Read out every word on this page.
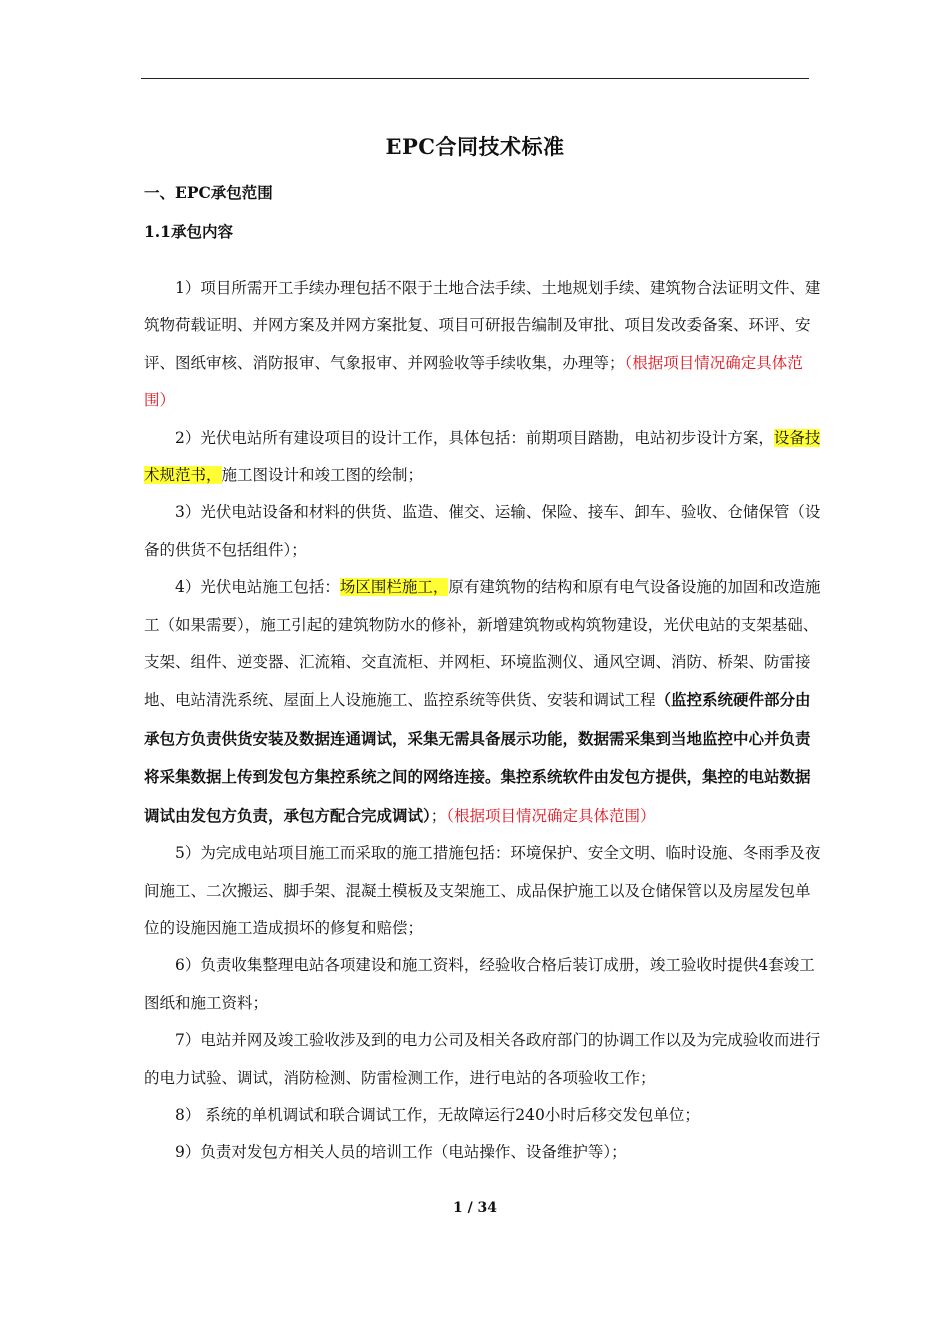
EPC合同技术标准
一、EPC承包范围
1.1承包内容

1）项目所需开工手续办理包括不限于土地合法手续、土地规划手续、建筑物合法证明文件、建筑物荷载证明、并网方案及并网方案批复、项目可研报告编制及审批、项目发改委备案、环评、安评、图纸审核、消防报审、气象报审、并网验收等手续收集，办理等；（根据项目情况确定具体范围）

2）光伏电站所有建设项目的设计工作，具体包括：前期项目踏勘，电站初步设计方案，设备技术规范书，施工图设计和竣工图的绘制；

3）光伏电站设备和材料的供货、监造、催交、运输、保险、接车、卸车、验收、仓储保管（设备的供货不包括组件）；

4）光伏电站施工包括：场区围栏施工，原有建筑物的结构和原有电气设备设施的加固和改造施工（如果需要），施工引起的建筑物防水的修补，新增建筑物或构筑物建设，光伏电站的支架基础、支架、组件、逆变器、汇流箱、交直流柜、并网柜、环境监测仪、通风空调、消防、桥架、防雷接地、电站清洗系统、屋面上人设施施工、监控系统等供货、安装和调试工程（监控系统硬件部分由承包方负责供货安装及数据连通调试，采集无需具备展示功能，数据需采集到当地监控中心并负责将采集数据上传到发包方集控系统之间的网络连接。集控系统软件由发包方提供，集控的电站数据调试由发包方负责，承包方配合完成调试）；（根据项目情况确定具体范围）

5）为完成电站项目施工而采取的施工措施包括：环境保护、安全文明、临时设施、冬雨季及夜间施工、二次搬运、脚手架、混凝土模板及支架施工、成品保护施工以及仓储保管以及房屋发包单位的设施因施工造成损坏的修复和赔偿；

6）负责收集整理电站各项建设和施工资料，经验收合格后装订成册，竣工验收时提供4套竣工图纸和施工资料；

7）电站并网及竣工验收涉及到的电力公司及相关各政府部门的协调工作以及为完成验收而进行的电力试验、调试，消防检测、防雷检测工作，进行电站的各项验收工作；

8） 系统的单机调试和联合调试工作，无故障运行240小时后移交发包单位；

9）负责对发包方相关人员的培训工作（电站操作、设备维护等）；

1 / 34
